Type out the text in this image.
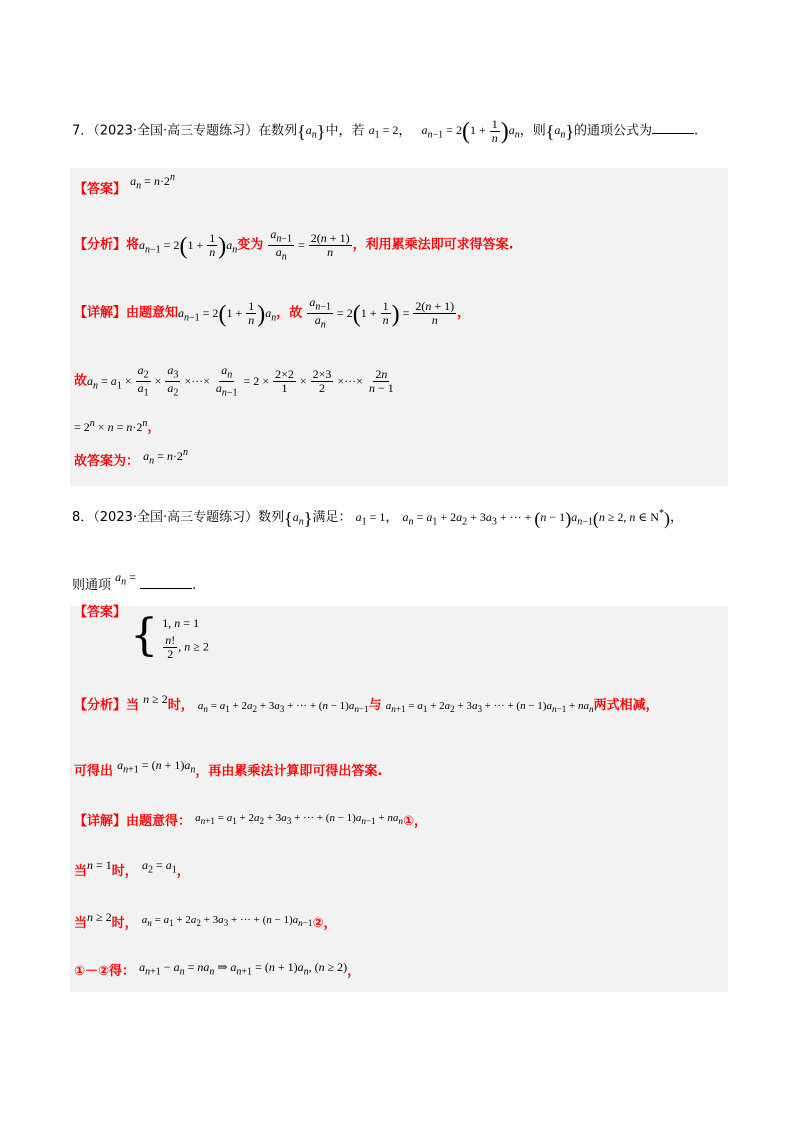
7．（2023·全国·高三专题练习）在数列$\{a_n\}$中，若 $a_1 = 2$， $a_{n-1} = 2(1 + \frac{1}{n} )a_n$，则$\{a_n\}$的通项公式为	.
【答案】 $a_n = n\cdot 2^n$
【分析】将$a_{n-1} = 2(1 + \frac{1}{n} )a_n$变为 $\frac{a_{n-1}}{a_n} = \frac{2(n + 1)}{n}$ ，利用累乘法即可求得答案.
【详解】由题意知$a_{n-1} = 2(1 + \frac{1}{n} )a_n$，故 $\frac{a_{n-1}}{a_n} = 2(1 + \frac{1}{n}$ ) = $\frac{2(n + 1)}{n}$ ，
故$a_n = a_1 \times \frac{a_2}{a_1} \times \frac{a_3}{a_2}$ ×···× $\frac{a_n}{a_{n-1}} = 2 \times \frac{2\times 2}{1} \times \frac{2\times 3}{2}$ ×···× $\frac{2n}{n - 1}$
= $2^n \times n = n\cdot 2^n$，
故答案为： $a_n = n\cdot 2^n$
8．（2023·全国·高三专题练习）数列$\{a_n\}$满足： $a_1 = 1$， $a_n = a_1 + 2a_2 + 3a_3$ + ··· + $(n - 1)a_{n-1}(n \ge 2$, n ∈ N*)，
则通项 $a_n$ = .
【答案】 { 1, n = 1

$\frac{n!}{2}$ , n ≥ 2
【分析】当 n ≥ 2时， $a_n = a_1 + 2a_2 + 3a_3$ + ··· + $(n - 1)a_{n-1}$与 $a_{n+1} = a_1 + 2a_2 + 3a_3$ + ··· + $(n - 1)a_{n-1} + na_n$两式相减，
可得出 $a_{n+1} = (n + 1)a_n$，再由累乘法计算即可得出答案.
【详解】由题意得： $^{a_{n+1} = a_1 + 2a_2 + 3a_3 + \cdot\cdot\cdot + (n - 1)a_{n-1} + na_n}$①，
当n = 1时， $a_2 = a_1$，
当n ≥ 2时， $^{a_n = a_1 + 2a_2 + 3a_3 + \cdot\cdot\cdot + (n - 1)a_{n-1}}$②，
①－②得： $a_{n+1} - a_n = na_n$ ⇒ $a_{n+1} = (n + 1)a_n$, (n ≥ 2)，
